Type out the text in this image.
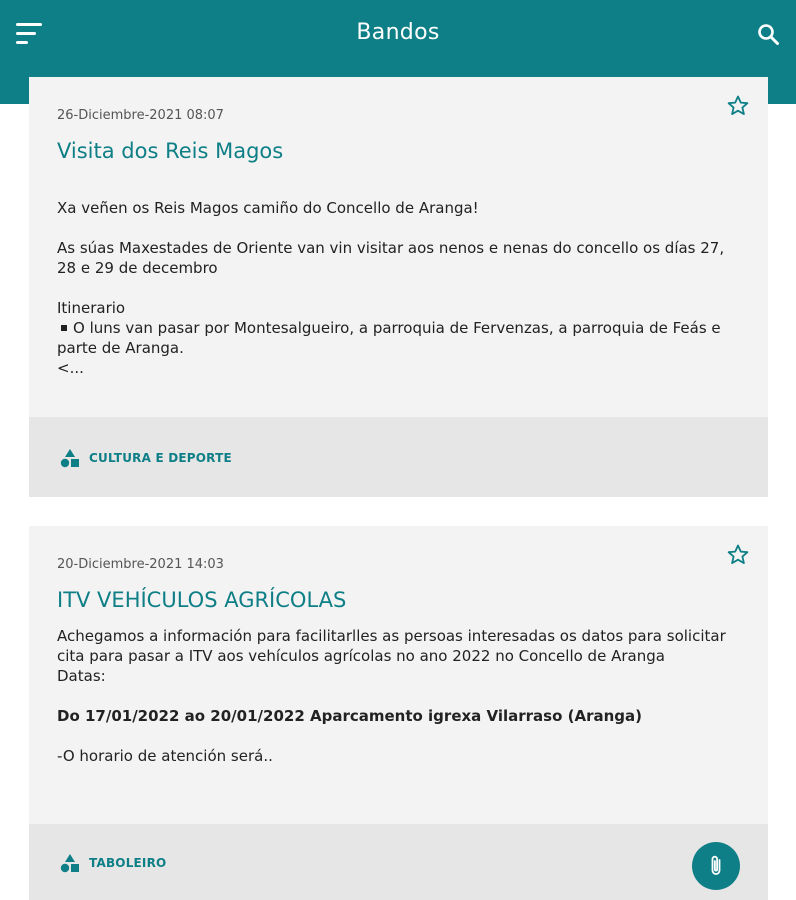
Bandos
26-Diciembre-2021 08:07
Visita dos Reis Magos

Xa veñen os Reis Magos camiño do Concello de Aranga!

As súas Maxestades de Oriente van vin visitar aos nenos e nenas do concello os días 27, 28 e 29 de decembro

Itinerario

O luns van pasar por Montesalgueiro, a parroquia de Fervenzas, a parroquia de Feás e parte de Aranga.

<...

CULTURA E DEPORTE
20-Diciembre-2021 14:03
ITV VEHÍCULOS AGRÍCOLAS

Achegamos a información para facilitarlles as persoas interesadas os datos para solicitar cita para pasar a ITV aos vehículos agrícolas no ano 2022 no Concello de Aranga

Datas:

Do 17/01/2022 ao 20/01/2022 Aparcamento igrexa Vilarraso (Aranga)

-O horario de atención será..

TABOLEIRO
